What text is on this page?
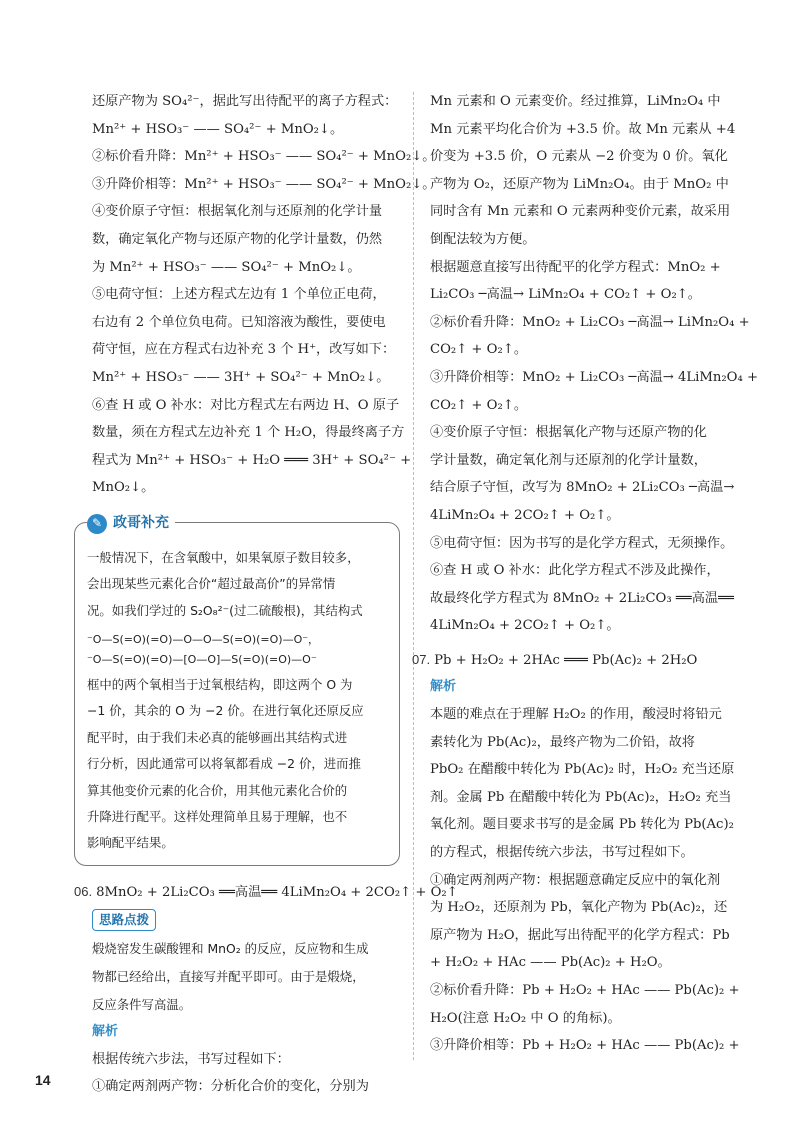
还原产物为 SO₄²⁻，据此写出待配平的离子方程式：
Mn²⁺ + HSO₃⁻ —— SO₄²⁻ + MnO₂↓。
②标价看升降：Mn²⁺ + HSO₃⁻ —— SO₄²⁻ + MnO₂↓。
③升降价相等：Mn²⁺ + HSO₃⁻ —— SO₄²⁻ + MnO₂↓。
④变价原子守恒：根据氧化剂与还原剂的化学计量
数，确定氧化产物与还原产物的化学计量数，仍然
为 Mn²⁺ + HSO₃⁻ —— SO₄²⁻ + MnO₂↓。
⑤电荷守恒：上述方程式左边有 1 个单位正电荷，
右边有 2 个单位负电荷。已知溶液为酸性，要使电
荷守恒，应在方程式右边补充 3 个 H⁺，改写如下：
Mn²⁺ + HSO₃⁻ —— 3H⁺ + SO₄²⁻ + MnO₂↓。
⑥查 H 或 O 补水：对比方程式左右两边 H、O 原子
数量，须在方程式左边补充 1 个 H₂O，得最终离子方
程式为 Mn²⁺ + HSO₃⁻ + H₂O ═══ 3H⁺ + SO₄²⁻ +
MnO₂↓。
✎ 政哥补充
一般情况下，在含氧酸中，如果氧原子数目较多，
会出现某些元素化合价“超过最高价”的异常情
况。如我们学过的 S₂O₈²⁻(过二硫酸根)，其结构式
⁻O—S(=O)(=O)—O—O—S(=O)(=O)—O⁻，
⁻O—S(=O)(=O)—[O—O]—S(=O)(=O)—O⁻
框中的两个氧相当于过氧根结构，即这两个 O 为
−1 价，其余的 O 为 −2 价。在进行氧化还原反应
配平时，由于我们未必真的能够画出其结构式进
行分析，因此通常可以将氧都看成 −2 价，进而推
算其他变价元素的化合价，用其他元素化合价的
升降进行配平。这样处理简单且易于理解，也不
影响配平结果。
06. 8MnO₂ + 2Li₂CO₃ ══高温══ 4LiMn₂O₄ + 2CO₂↑ + O₂↑
思路点拨
煅烧窑发生碳酸锂和 MnO₂ 的反应，反应物和生成
物都已经给出，直接写并配平即可。由于是煅烧，
反应条件写高温。
解析
根据传统六步法，书写过程如下：
①确定两剂两产物：分析化合价的变化，分别为
Mn 元素和 O 元素变价。经过推算，LiMn₂O₄ 中
Mn 元素平均化合价为 +3.5 价。故 Mn 元素从 +4
价变为 +3.5 价，O 元素从 −2 价变为 0 价。氧化
产物为 O₂，还原产物为 LiMn₂O₄。由于 MnO₂ 中
同时含有 Mn 元素和 O 元素两种变价元素，故采用
倒配法较为方便。
根据题意直接写出待配平的化学方程式：MnO₂ +
Li₂CO₃ ─高温→ LiMn₂O₄ + CO₂↑ + O₂↑。
②标价看升降：MnO₂ + Li₂CO₃ ─高温→ LiMn₂O₄ +
CO₂↑ + O₂↑。
③升降价相等：MnO₂ + Li₂CO₃ ─高温→ 4LiMn₂O₄ +
CO₂↑ + O₂↑。
④变价原子守恒：根据氧化产物与还原产物的化
学计量数，确定氧化剂与还原剂的化学计量数，
结合原子守恒，改写为 8MnO₂ + 2Li₂CO₃ ─高温→
4LiMn₂O₄ + 2CO₂↑ + O₂↑。
⑤电荷守恒：因为书写的是化学方程式，无须操作。
⑥查 H 或 O 补水：此化学方程式不涉及此操作，
故最终化学方程式为 8MnO₂ + 2Li₂CO₃ ══高温══
4LiMn₂O₄ + 2CO₂↑ + O₂↑。
07. Pb + H₂O₂ + 2HAc ═══ Pb(Ac)₂ + 2H₂O
解析
本题的难点在于理解 H₂O₂ 的作用，酸浸时将铅元
素转化为 Pb(Ac)₂，最终产物为二价铅，故将
PbO₂ 在醋酸中转化为 Pb(Ac)₂ 时，H₂O₂ 充当还原
剂。金属 Pb 在醋酸中转化为 Pb(Ac)₂，H₂O₂ 充当
氧化剂。题目要求书写的是金属 Pb 转化为 Pb(Ac)₂
的方程式，根据传统六步法，书写过程如下。
①确定两剂两产物：根据题意确定反应中的氧化剂
为 H₂O₂，还原剂为 Pb，氧化产物为 Pb(Ac)₂，还
原产物为 H₂O，据此写出待配平的化学方程式：Pb
+ H₂O₂ + HAc —— Pb(Ac)₂ + H₂O。
②标价看升降：Pb + H₂O₂ + HAc —— Pb(Ac)₂ +
H₂O(注意 H₂O₂ 中 O 的角标)。
③升降价相等：Pb + H₂O₂ + HAc —— Pb(Ac)₂ +
14
